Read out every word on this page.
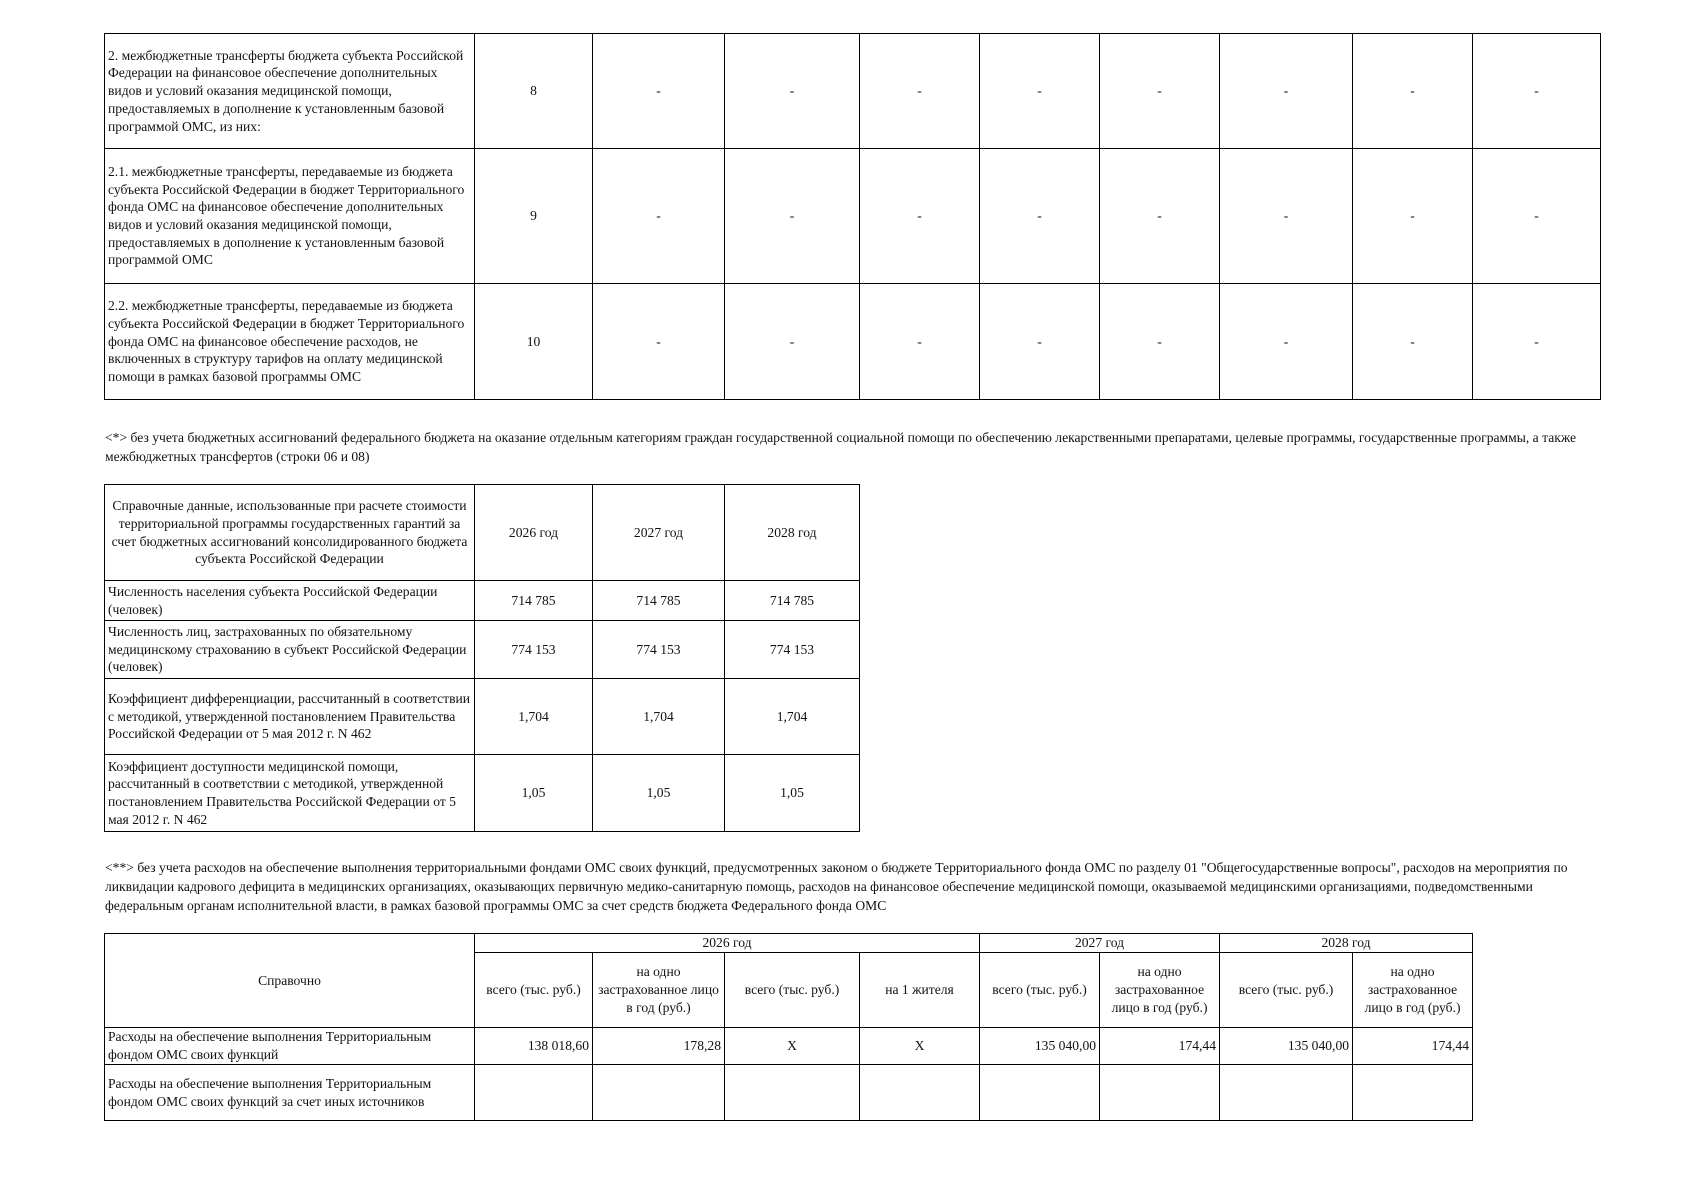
2. межбюджетные трансферты бюджета субъекта Российской Федерации на финансовое обеспечение дополнительных видов и условий оказания медицинской помощи, предоставляемых в дополнение к установленным базовой программой ОМС, из них:	8	-	-	-	-	-	-	-	-
2.1. межбюджетные трансферты, передаваемые из бюджета субъекта Российской Федерации в бюджет Территориального фонда ОМС на финансовое обеспечение дополнительных видов и условий оказания медицинской помощи, предоставляемых в дополнение к установленным базовой программой ОМС	9	-	-	-	-	-	-	-	-
2.2. межбюджетные трансферты, передаваемые из бюджета субъекта Российской Федерации в бюджет Территориального фонда ОМС на финансовое обеспечение расходов, не включенных в структуру тарифов на оплату медицинской помощи в рамках базовой программы ОМС	10	-	-	-	-	-	-	-	-
<*> без учета бюджетных ассигнований федерального бюджета на оказание отдельным категориям граждан государственной социальной помощи по обеспечению лекарственными препаратами, целевые программы, государственные программы, а также межбюджетных трансфертов (строки 06 и 08)
Справочные данные, использованные при расчете стоимости территориальной программы государственных гарантий за счет бюджетных ассигнований консолидированного бюджета субъекта Российской Федерации	2026 год	2027 год	2028 год
Численность населения субъекта Российской Федерации (человек)	714 785	714 785	714 785
Численность лиц, застрахованных по обязательному медицинскому страхованию в субъект Российской Федерации (человек)	774 153	774 153	774 153
Коэффициент дифференциации, рассчитанный в соответствии с методикой, утвержденной постановлением Правительства Российской Федерации от 5 мая 2012 г. N 462	1,704	1,704	1,704
Коэффициент доступности медицинской помощи, рассчитанный в соответствии с методикой, утвержденной постановлением Правительства Российской Федерации от 5 мая 2012 г. N 462	1,05	1,05	1,05
<**> без учета расходов на обеспечение выполнения территориальными фондами ОМС своих функций, предусмотренных законом о бюджете Территориального фонда ОМС по разделу 01 "Общегосударственные вопросы", расходов на мероприятия по ликвидации кадрового дефицита в медицинских организациях, оказывающих первичную медико-санитарную помощь, расходов на финансовое обеспечение медицинской помощи, оказываемой медицинскими организациями, подведомственными федеральным органам исполнительной власти, в рамках базовой программы ОМС за счет средств бюджета Федерального фонда ОМС
Справочно	2026 год				2027 год		2028 год	
	всего (тыс. руб.)	на одно застрахованное лицо в год (руб.)	всего (тыс. руб.)	на 1 жителя	всего (тыс. руб.)	на одно застрахованное лицо в год (руб.)	всего (тыс. руб.)	на одно застрахованное лицо в год (руб.)
Расходы на обеспечение выполнения Территориальным фондом ОМС своих функций	138 018,60	178,28	X	X	135 040,00	174,44	135 040,00	174,44
Расходы на обеспечение выполнения Территориальным фондом ОМС своих функций за счет иных источников								
